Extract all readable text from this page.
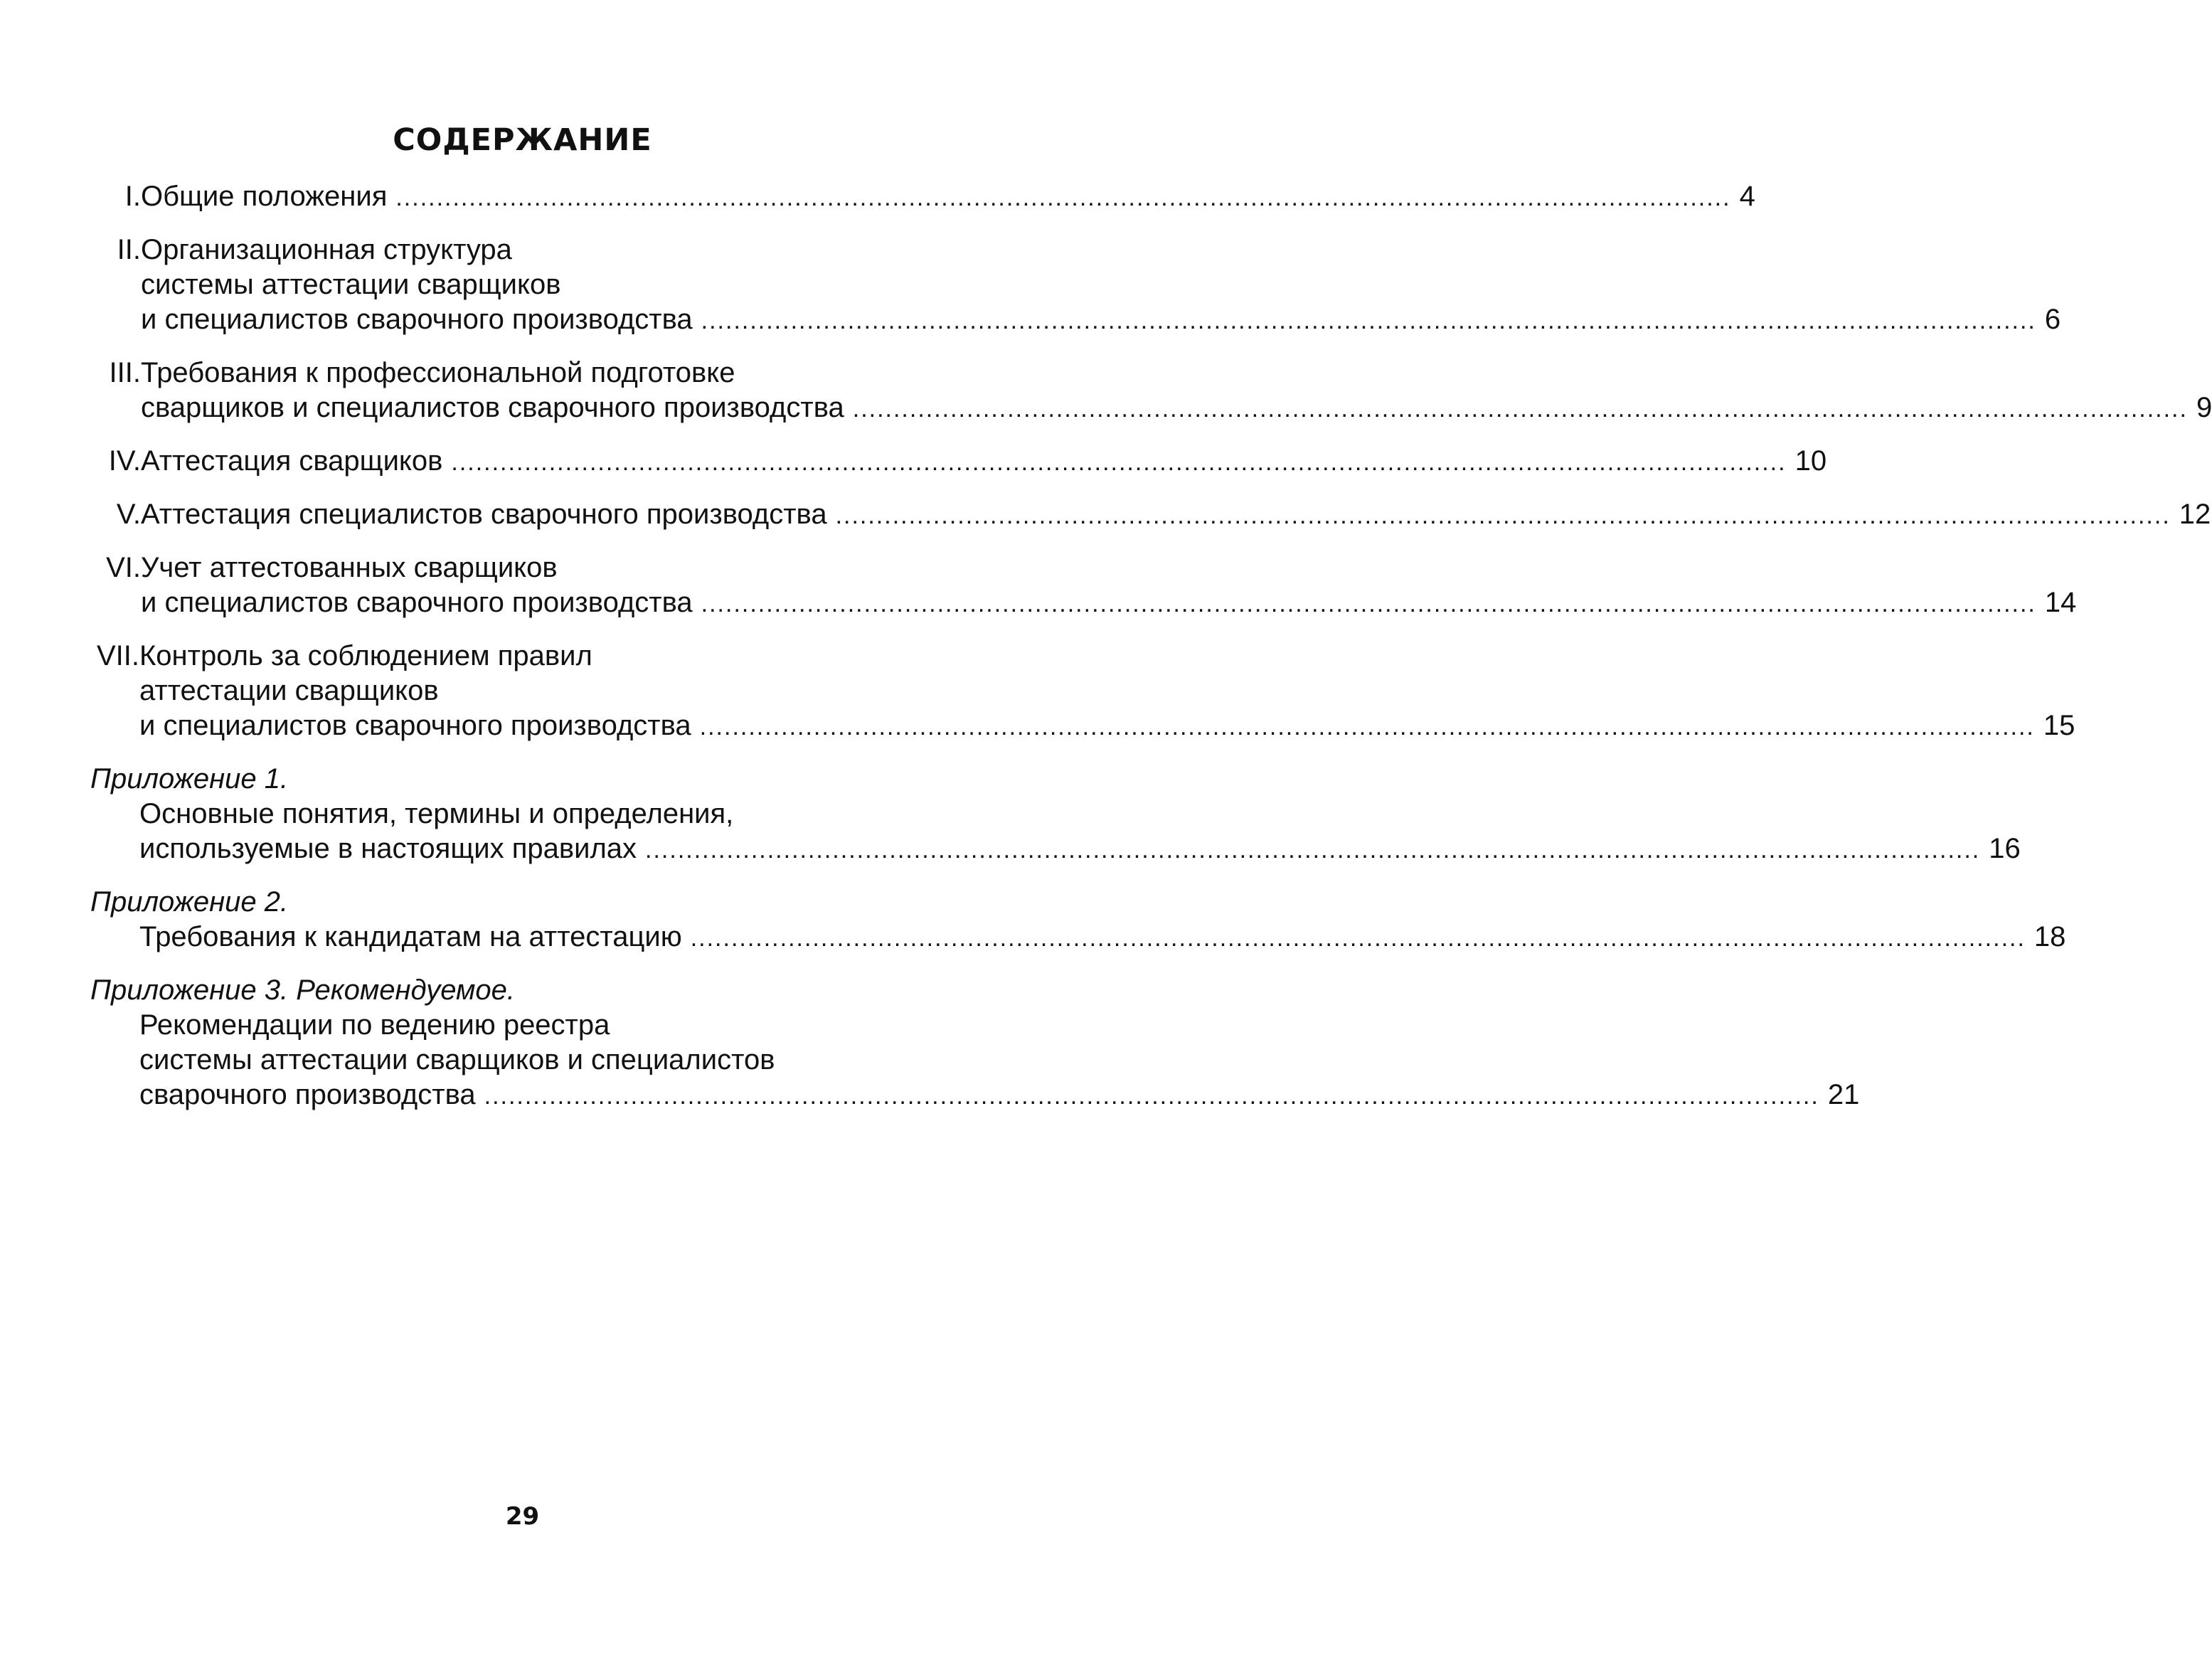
СОДЕРЖАНИЕ
I. Общие положения .................................................................................................................................................................... 4
II. Организационная структура
системы аттестации сварщиков
и специалистов сварочного производства .................................................................................................................................................................... 6
III. Требования к профессиональной подготовке
сварщиков и специалистов сварочного производства .................................................................................................................................................................... 9
IV. Аттестация сварщиков .................................................................................................................................................................... 10
V. Аттестация специалистов сварочного производства .................................................................................................................................................................... 12
VI. Учет аттестованных сварщиков
и специалистов сварочного производства .................................................................................................................................................................... 14
VII. Контроль за соблюдением правил
аттестации сварщиков
и специалистов сварочного производства .................................................................................................................................................................... 15
Приложение 1.
Основные понятия, термины и определения,
используемые в настоящих правилах .................................................................................................................................................................... 16
Приложение 2.
Требования к кандидатам на аттестацию .................................................................................................................................................................... 18
Приложение 3. Рекомендуемое.
Рекомендации по ведению реестра
системы аттестации сварщиков и специалистов
сварочного производства .................................................................................................................................................................... 21
29
